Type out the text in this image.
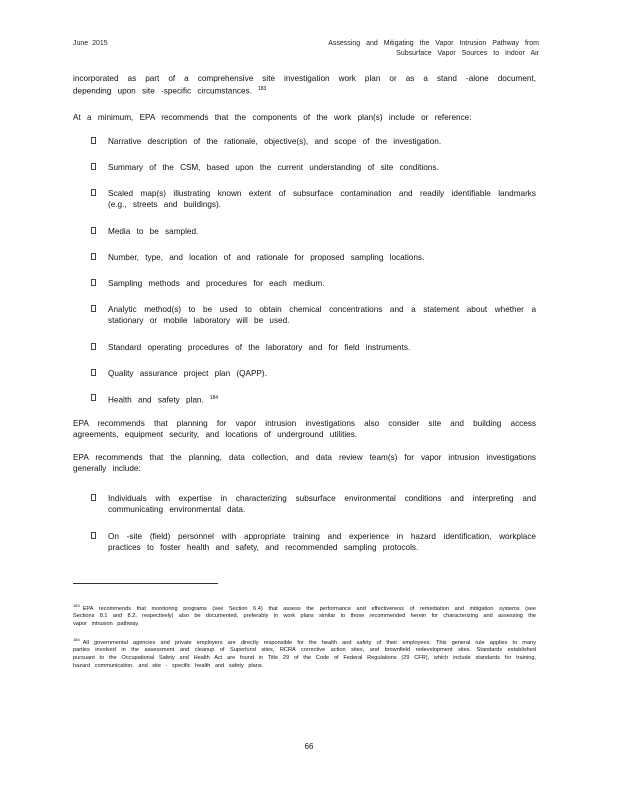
June 2015	Assessing and Mitigating the Vapor Intrusion Pathway from
Subsurface Vapor Sources to Indoor Air
incorporated as part of a comprehensive site investigation work plan or as a stand -alone document, depending upon site -specific circumstances. $^{183}$
At a minimum, EPA recommends that the components of the work plan(s) include or reference:
Narrative description of the rationale, objective(s), and scope of the investigation.
Summary of the CSM, based upon the current understanding of site conditions.
Scaled map(s) illustrating known extent of subsurface contamination and readily identifiable landmarks (e.g., streets and buildings).
Media to be sampled.
Number, type, and location of and rationale for proposed sampling locations.
Sampling methods and procedures for each medium.
Analytic method(s) to be used to obtain chemical concentrations and a statement about whether a stationary or mobile laboratory will be used.
Standard operating procedures of the laboratory and for field instruments.
Quality assurance project plan (QAPP).
Health and safety plan. $^{184}$
EPA recommends that planning for vapor intrusion investigations also consider site and building access agreements, equipment security, and locations of underground utilities.
EPA recommends that the planning, data collection, and data review team(s) for vapor intrusion investigations generally include:
Individuals with expertise in characterizing subsurface environmental conditions and interpreting and communicating environmental data.
On -site (field) personnel with appropriate training and experience in hazard identification, workplace practices to foster health and safety, and recommended sampling protocols.
$^{183}$EPA recommends that monitoring programs (see Section 6.4) that assess the performance and effectiveness of remediation and mitigation systems (see Sections 8.1 and 8.2, respectively) also be documented, preferably in work plans similar to those recommended herein for characterizing and assessing the vapor intrusion pathway.
$^{184}$All governmental agencies and private employers are directly responsible for the health and safety of their employees. This general rule applies to many parties involved in the assessment and cleanup of Superfund sites, RCRA corrective action sites, and brownfield redevelopment sites. Standards established pursuant to the Occupational Safety and Health Act are found in Title 29 of the Code of Federal Regulations (29 CFR), which include standards for training, hazard communication, and site - specific health and safety plans.
66
